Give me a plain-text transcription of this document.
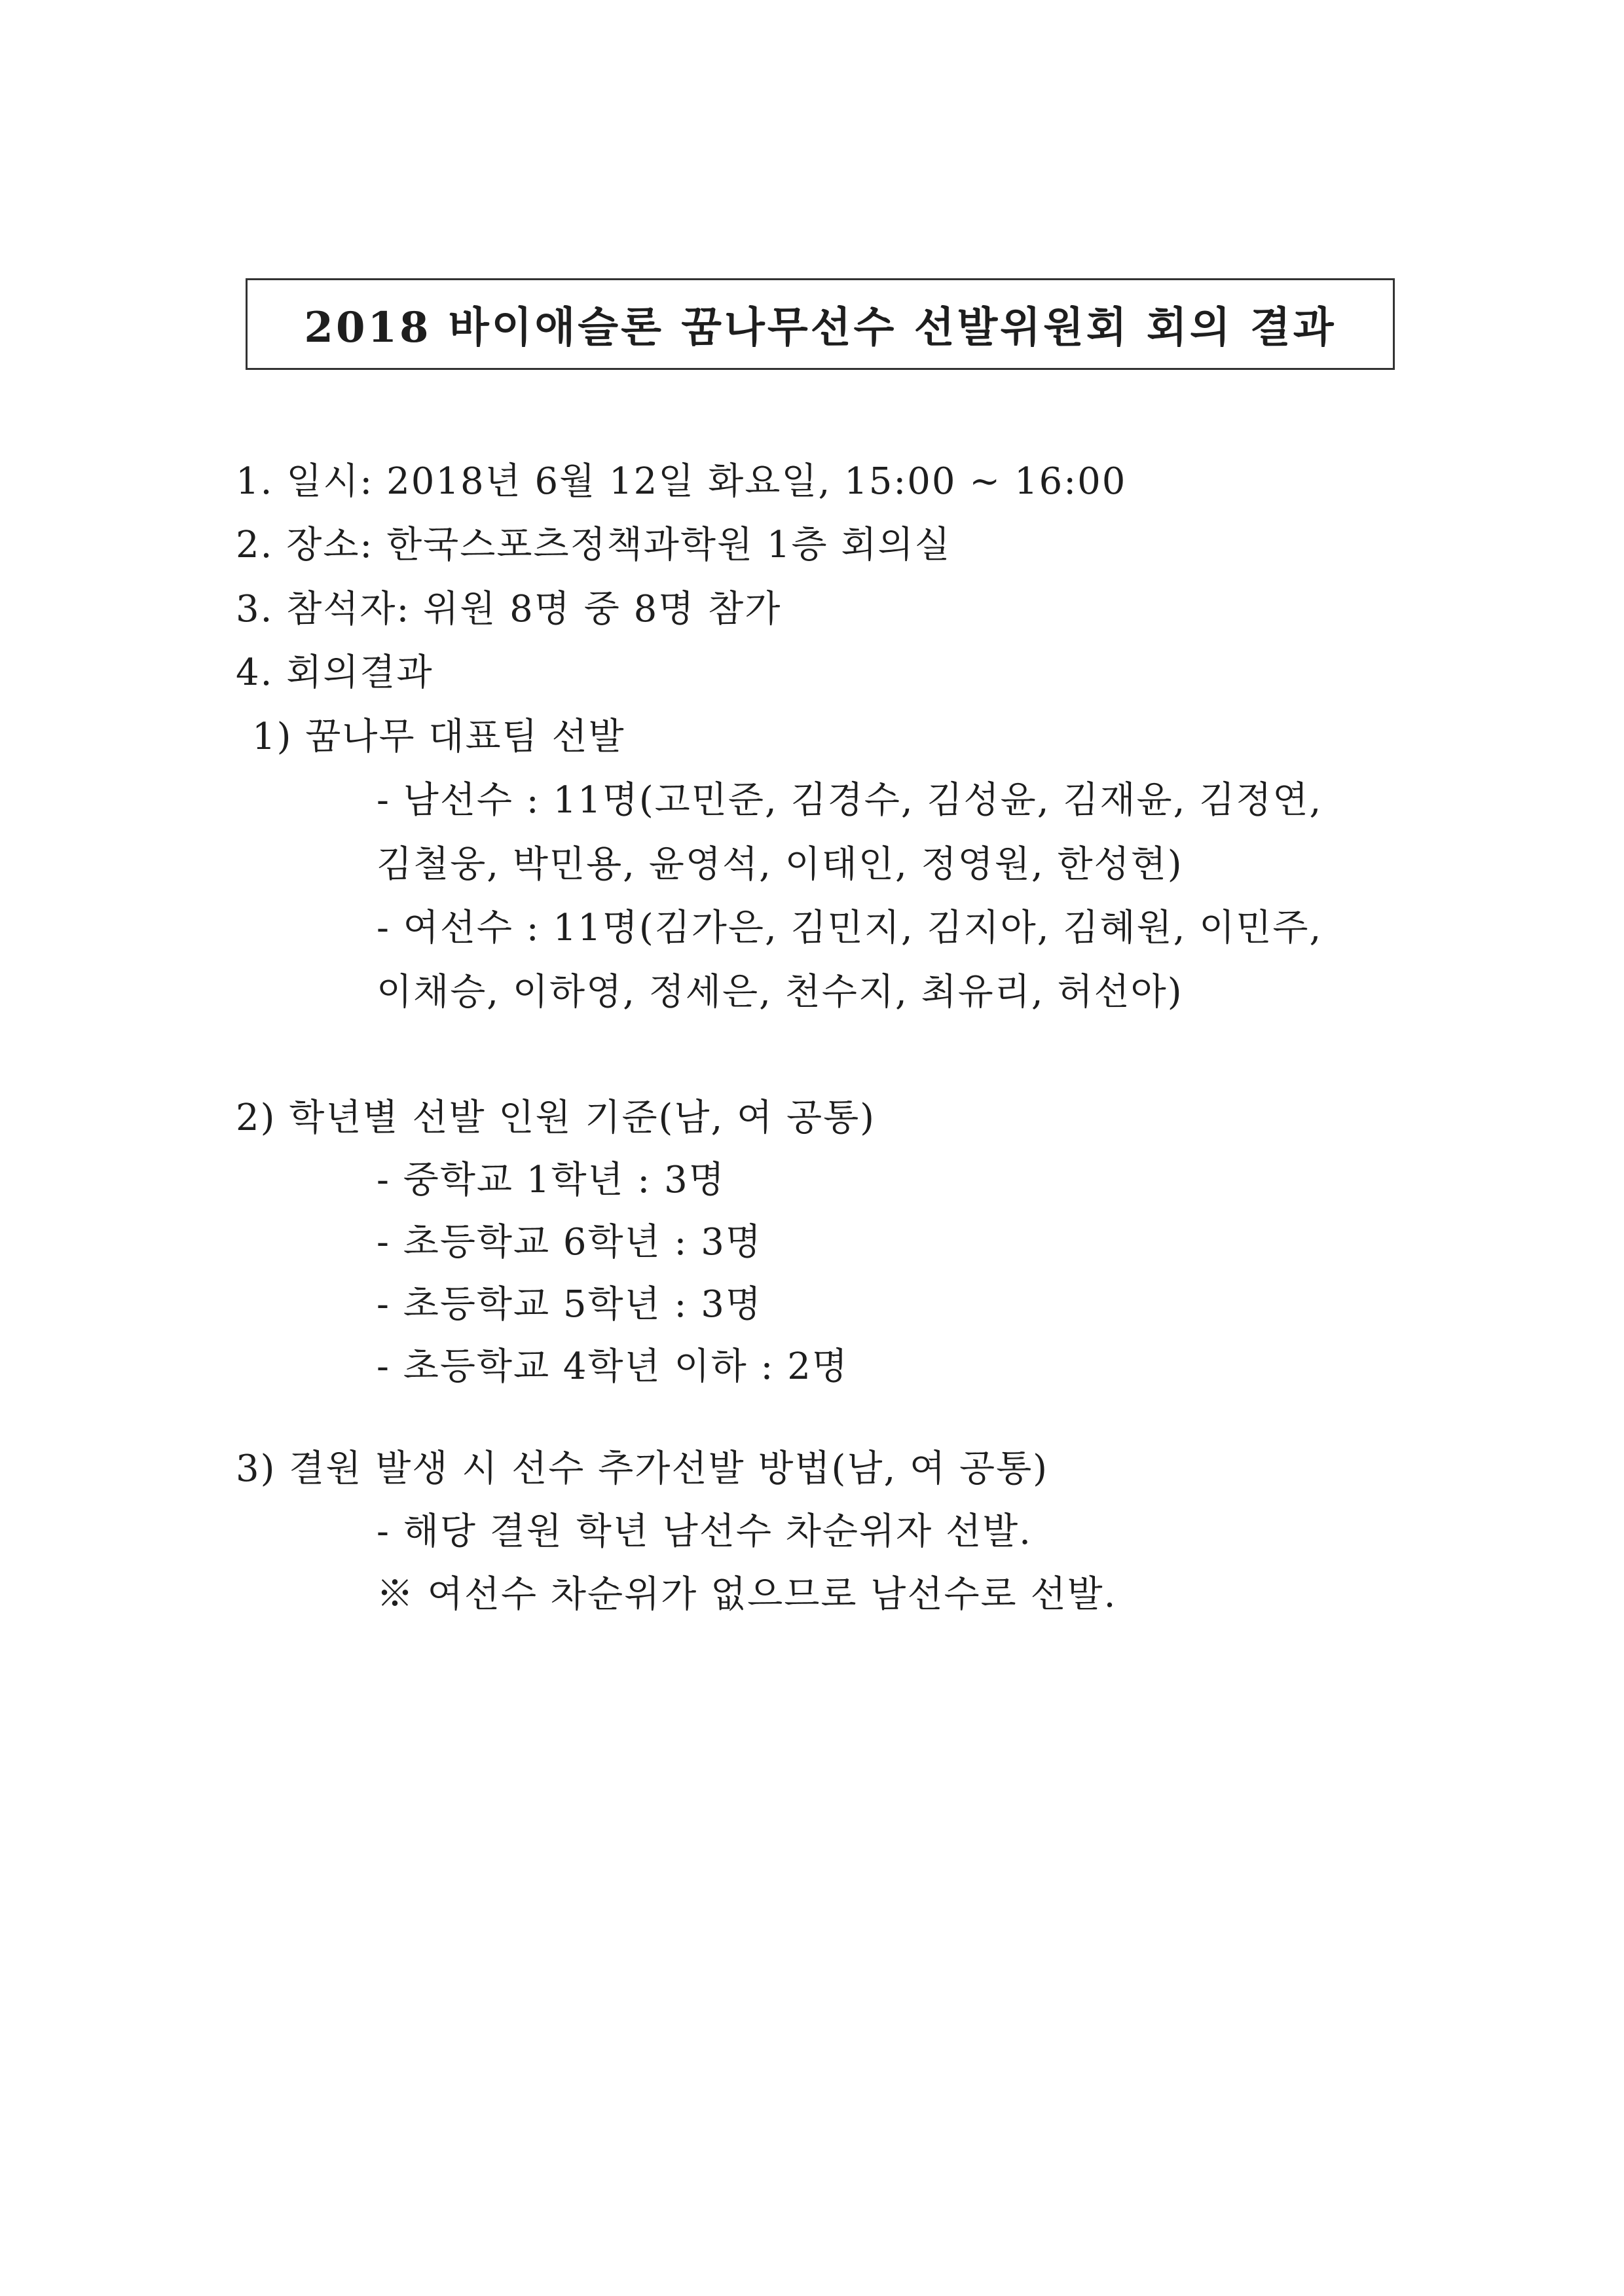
2018 바이애슬론 꿈나무선수 선발위원회 회의 결과
1. 일시: 2018년 6월 12일 화요일, 15:00 ~ 16:00
2. 장소: 한국스포츠정책과학원 1층 회의실
3. 참석자: 위원 8명 중 8명 참가
4. 회의결과
1) 꿈나무 대표팀 선발
- 남선수 : 11명(고민준, 김경수, 김성윤, 김재윤, 김정연,
김철웅, 박민용, 윤영석, 이태인, 정영원, 한성현)
- 여선수 : 11명(김가은, 김민지, 김지아, 김혜원, 이민주,
이채승, 이하영, 정세은, 천수지, 최유리, 허선아)
2) 학년별 선발 인원 기준(남, 여 공통)
- 중학교 1학년 : 3명
- 초등학교 6학년 : 3명
- 초등학교 5학년 : 3명
- 초등학교 4학년 이하 : 2명
3) 결원 발생 시 선수 추가선발 방법(남, 여 공통)
- 해당 결원 학년 남선수 차순위자 선발.
※ 여선수 차순위가 없으므로 남선수로 선발.
